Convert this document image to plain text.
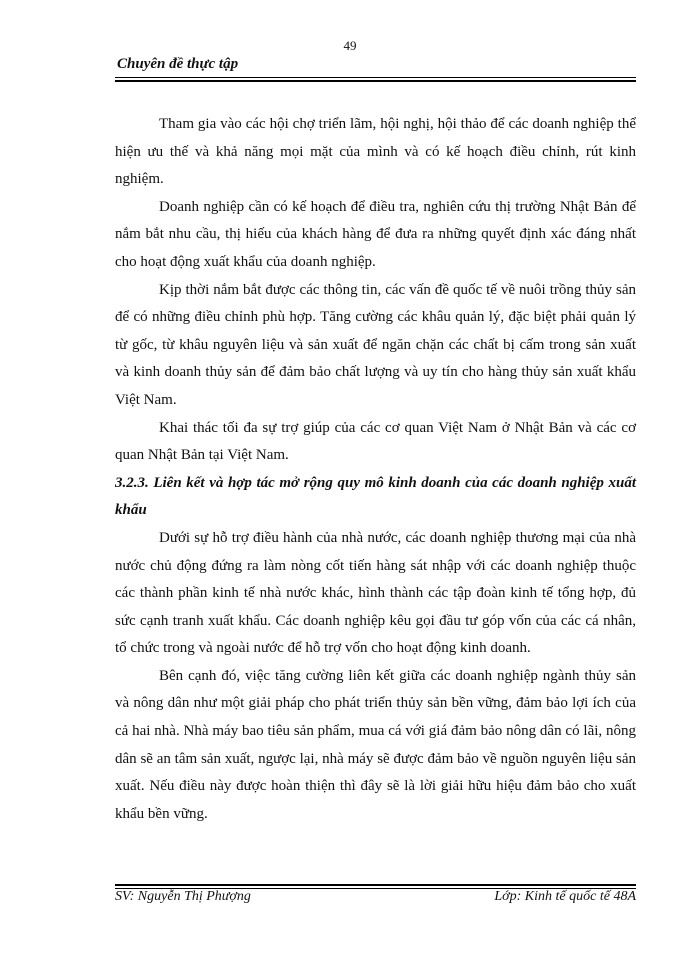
49
Chuyên đề thực tập

Tham gia vào các hội chợ triển lãm, hội nghị, hội thảo để các doanh nghiệp thể hiện ưu thế và khả năng mọi mặt của mình và có kế hoạch điều chỉnh, rút kinh nghiệm.

Doanh nghiệp cần có kế hoạch để điều tra, nghiên cứu thị trường Nhật Bản để nắm bắt nhu cầu, thị hiếu của khách hàng để đưa ra những quyết định xác đáng nhất cho hoạt động xuất khẩu của doanh nghiệp.

Kịp thời nắm bắt được các thông tin, các vấn đề quốc tế về nuôi trồng thủy sản để có những điều chỉnh phù hợp. Tăng cường các khâu quản lý, đặc biệt phải quản lý từ gốc, từ khâu nguyên liệu và sản xuất để ngăn chặn các chất bị cấm trong sản xuất và kinh doanh thủy sản để đảm bảo chất lượng và uy tín cho hàng thủy sản xuất khẩu Việt Nam.

Khai thác tối đa sự trợ giúp của các cơ quan Việt Nam ở Nhật Bản và các cơ quan Nhật Bản tại Việt Nam.

3.2.3. Liên kết và hợp tác mở rộng quy mô kinh doanh của các doanh nghiệp xuất khẩu

Dưới sự hỗ trợ điều hành của nhà nước, các doanh nghiệp thương mại của nhà nước chủ động đứng ra làm nòng cốt tiến hàng sát nhập với các doanh nghiệp thuộc các thành phần kinh tế nhà nước khác, hình thành các tập đoàn kinh tế tổng hợp, đủ sức cạnh tranh xuất khẩu. Các doanh nghiệp kêu gọi đầu tư góp vốn của các cá nhân, tổ chức trong và ngoài nước để hỗ trợ vốn cho hoạt động kinh doanh.

Bên cạnh đó, việc tăng cường liên kết giữa các doanh nghiệp ngành thủy sản và nông dân như một giải pháp cho phát triển thủy sản bền vững, đảm bảo lợi ích của cả hai nhà. Nhà máy bao tiêu sản phẩm, mua cá với giá đảm bảo nông dân có lãi, nông dân sẽ an tâm sản xuất, ngược lại, nhà máy sẽ được đảm bảo về nguồn nguyên liệu sản xuất. Nếu điều này được hoàn thiện thì đây sẽ là lời giải hữu hiệu đảm bảo cho xuất khẩu bền vững.

SV: Nguyễn Thị Phượng	Lớp: Kinh tế quốc tế 48A
